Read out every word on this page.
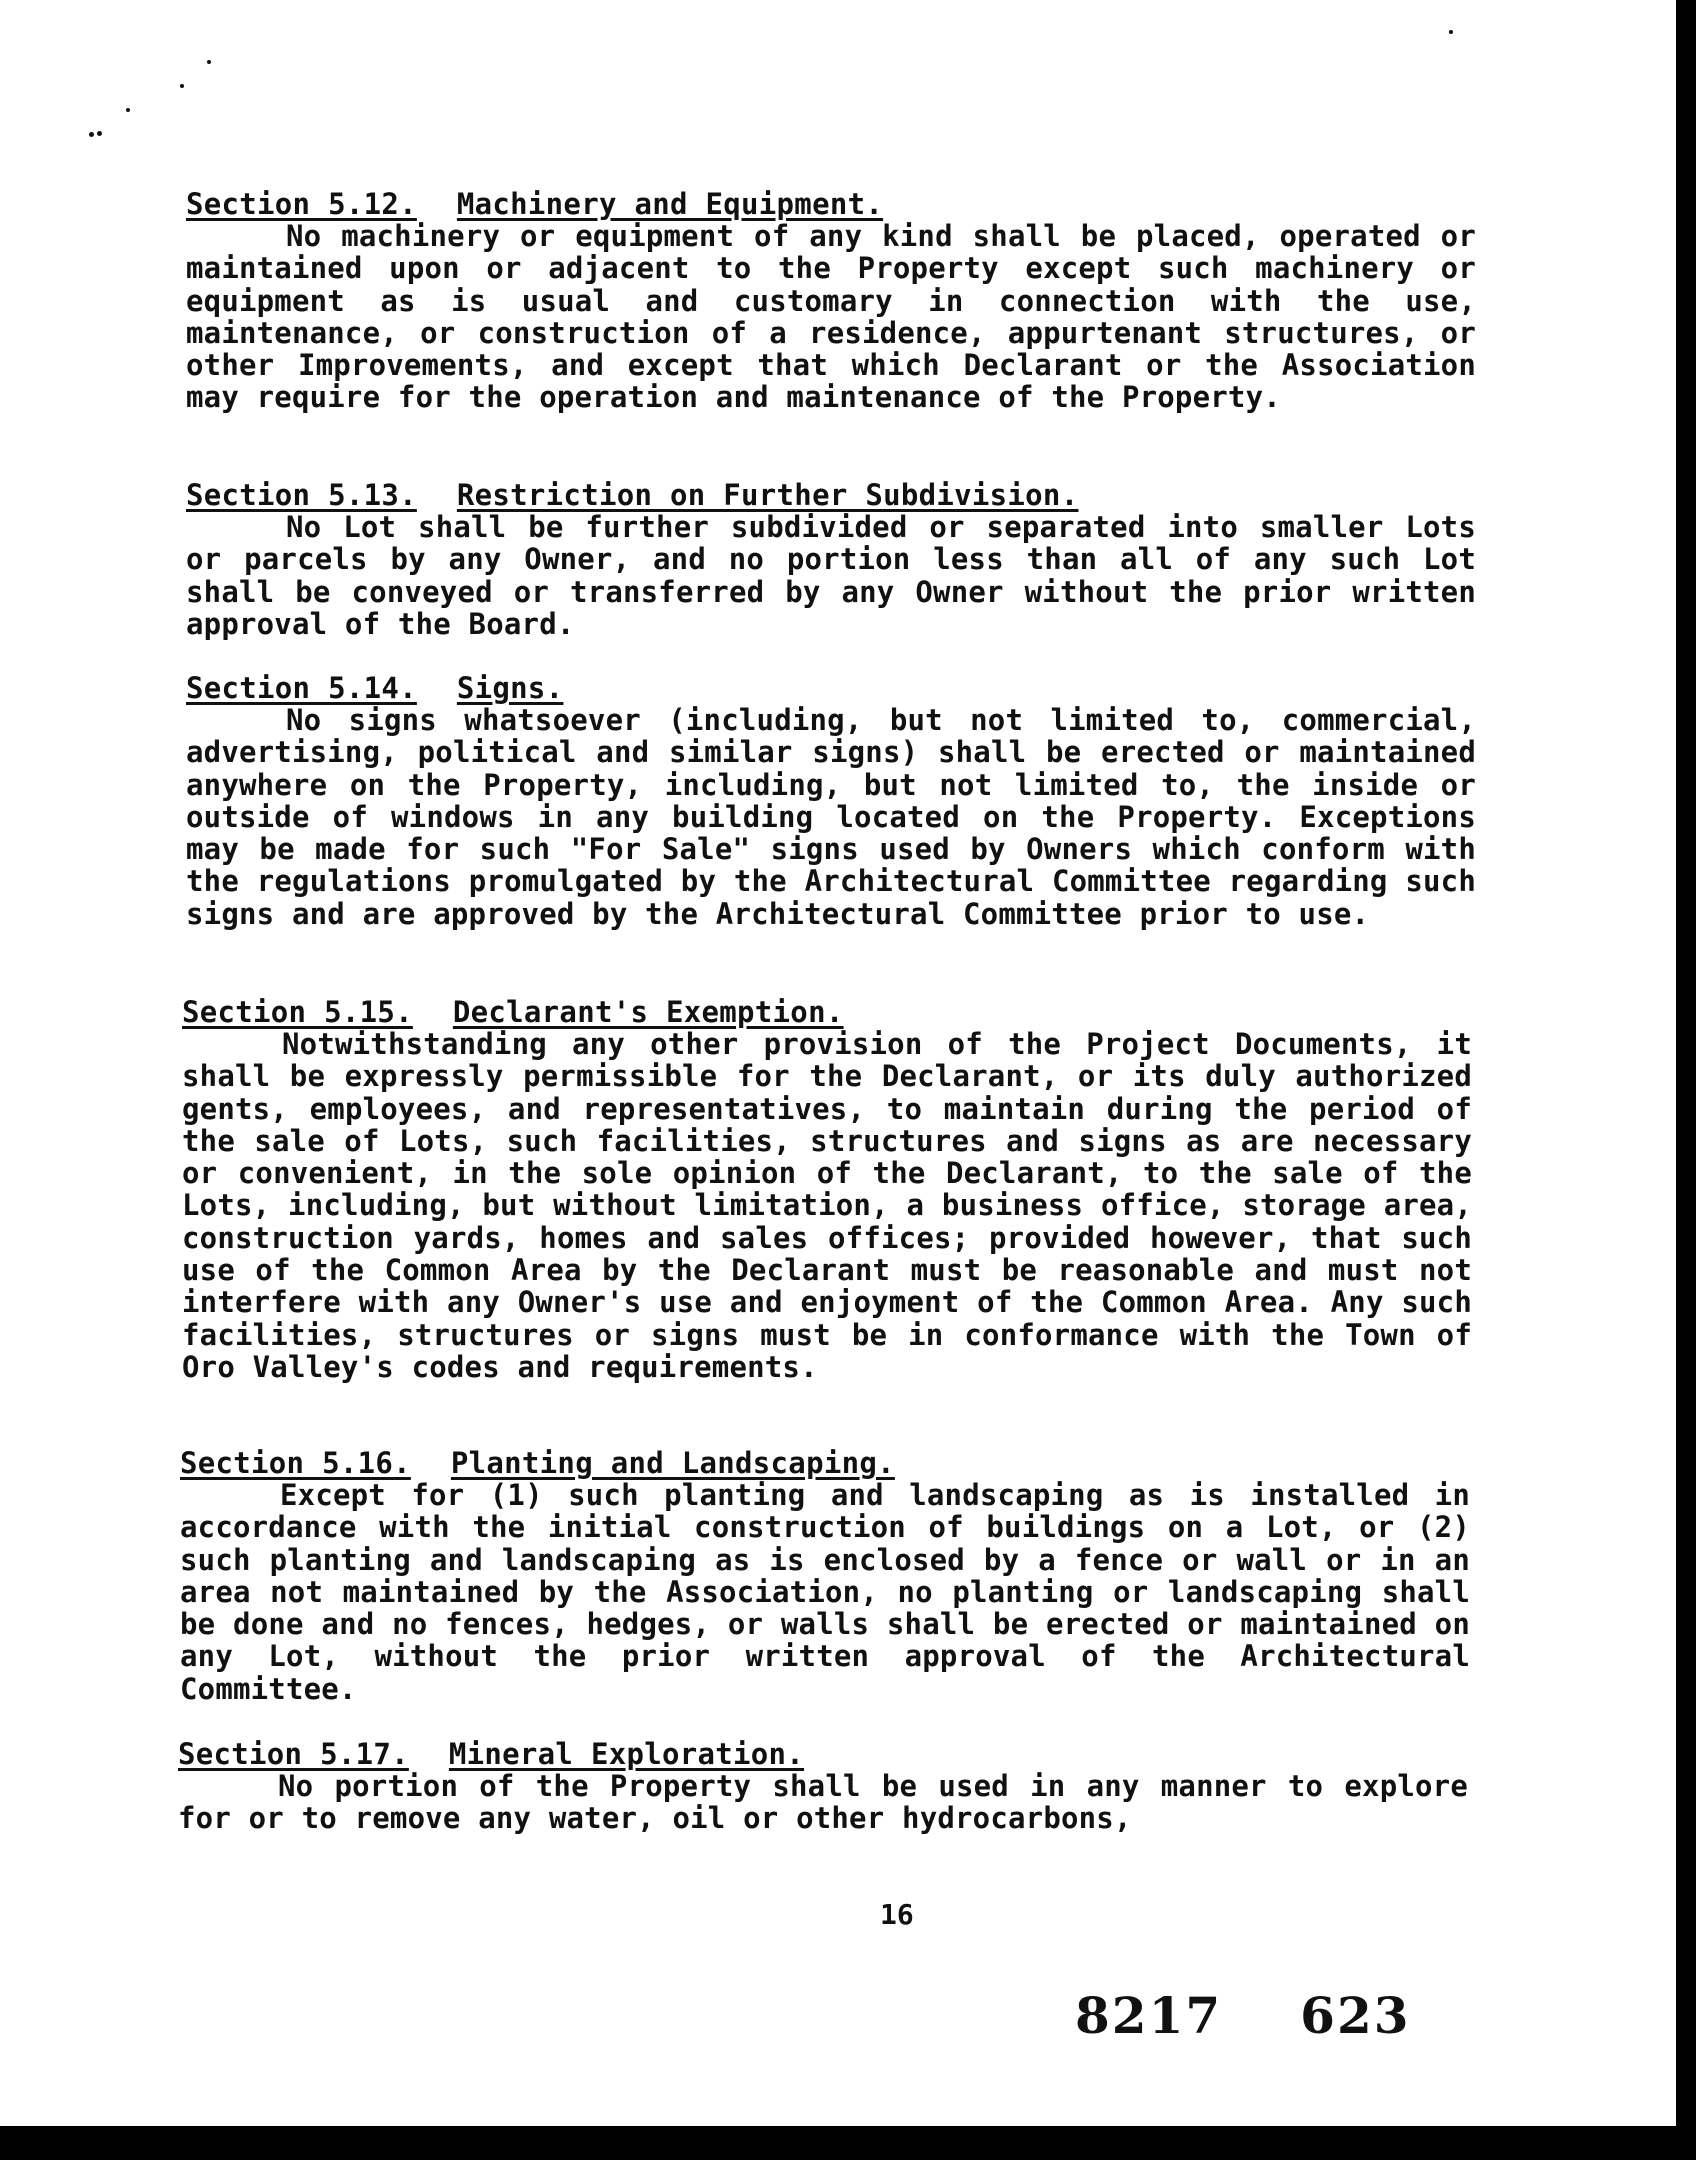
Section 5.12. Machinery and Equipment.
No machinery or equipment of any kind shall be placed, operated or maintained upon or adjacent to the Property except such machinery or equipment as is usual and customary in connection with the use, maintenance, or construction of a residence, appurtenant structures, or other Improvements, and except that which Declarant or the Association may require for the operation and maintenance of the Property.
Section 5.13. Restriction on Further Subdivision.
No Lot shall be further subdivided or separated into smaller Lots or parcels by any Owner, and no portion less than all of any such Lot shall be conveyed or transferred by any Owner without the prior written approval of the Board.
Section 5.14. Signs.
No signs whatsoever (including, but not limited to, commercial, advertising, political and similar signs) shall be erected or maintained anywhere on the Property, including, but not limited to, the inside or outside of windows in any building located on the Property. Exceptions may be made for such "For Sale" signs used by Owners which conform with the regulations promulgated by the Architectural Committee regarding such signs and are approved by the Architectural Committee prior to use.
Section 5.15. Declarant's Exemption.
Notwithstanding any other provision of the Project Documents, it shall be expressly permissible for the Declarant, or its duly authorized gents, employees, and representatives, to maintain during the period of the sale of Lots, such facilities, structures and signs as are necessary or convenient, in the sole opinion of the Declarant, to the sale of the Lots, including, but without limitation, a business office, storage area, construction yards, homes and sales offices; provided however, that such use of the Common Area by the Declarant must be reasonable and must not interfere with any Owner's use and enjoyment of the Common Area. Any such facilities, structures or signs must be in conformance with the Town of Oro Valley's codes and requirements.
Section 5.16. Planting and Landscaping.
Except for (1) such planting and landscaping as is installed in accordance with the initial construction of buildings on a Lot, or (2) such planting and landscaping as is enclosed by a fence or wall or in an area not maintained by the Association, no planting or landscaping shall be done and no fences, hedges, or walls shall be erected or maintained on any Lot, without the prior written approval of the Architectural Committee.
Section 5.17. Mineral Exploration.
No portion of the Property shall be used in any manner to explore for or to remove any water, oil or other hydrocarbons,
16
8217 623
